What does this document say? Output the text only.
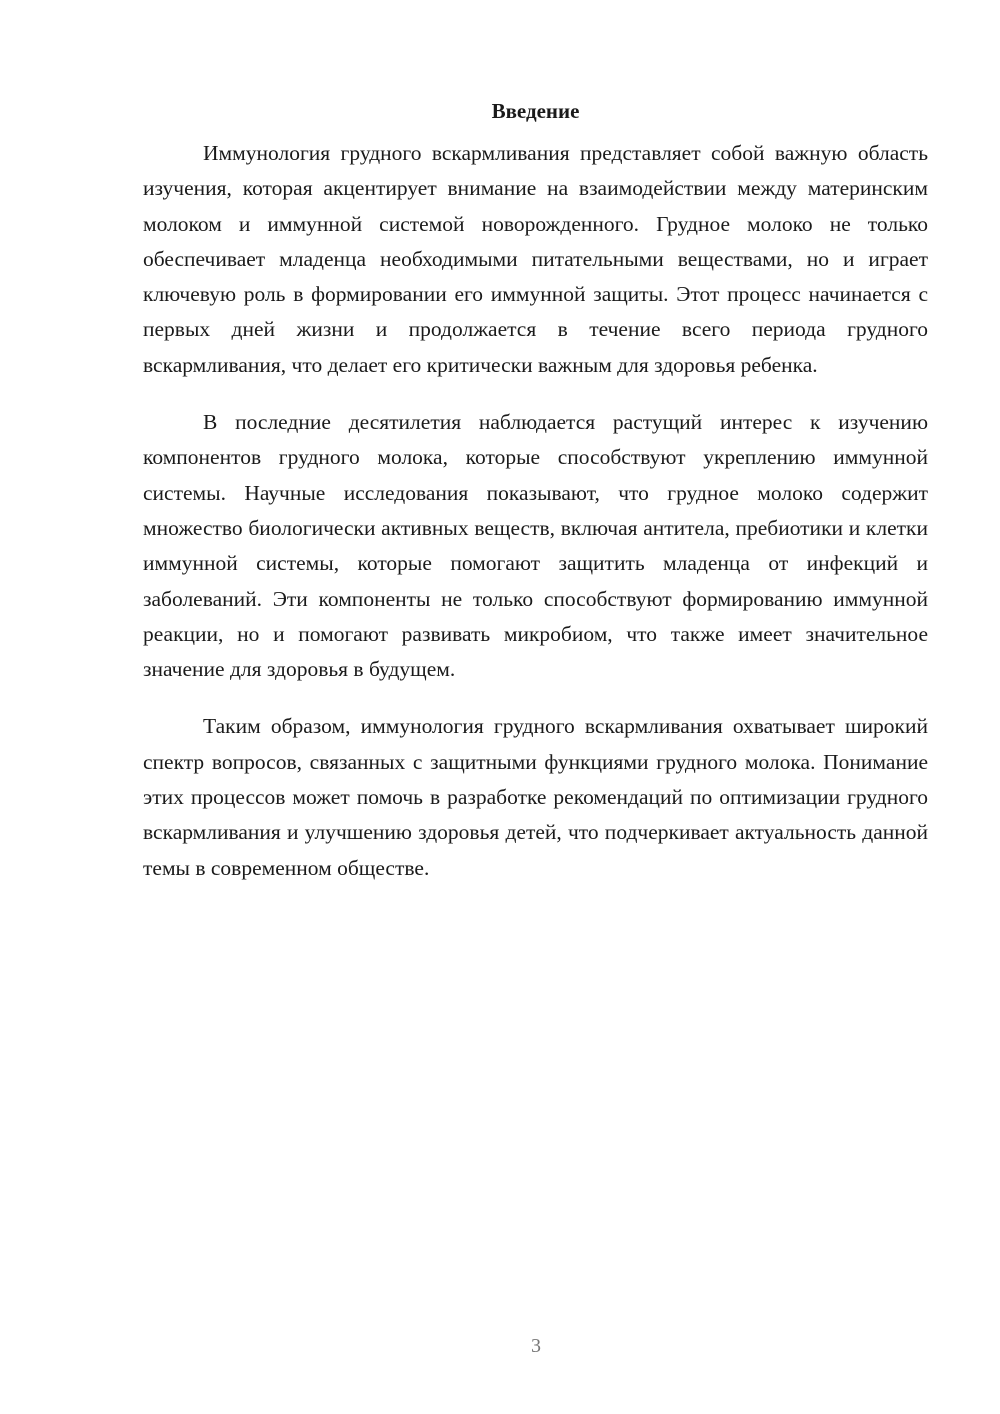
Введение

Иммунология грудного вскармливания представляет собой важную область изучения, которая акцентирует внимание на взаимодействии между материнским молоком и иммунной системой новорожденного. Грудное молоко не только обеспечивает младенца необходимыми питательными веществами, но и играет ключевую роль в формировании его иммунной защиты. Этот процесс начинается с первых дней жизни и продолжается в течение всего периода грудного вскармливания, что делает его критически важным для здоровья ребенка.

В последние десятилетия наблюдается растущий интерес к изучению компонентов грудного молока, которые способствуют укреплению иммунной системы. Научные исследования показывают, что грудное молоко содержит множество биологически активных веществ, включая антитела, пребиотики и клетки иммунной системы, которые помогают защитить младенца от инфекций и заболеваний. Эти компоненты не только способствуют формированию иммунной реакции, но и помогают развивать микробиом, что также имеет значительное значение для здоровья в будущем.

Таким образом, иммунология грудного вскармливания охватывает широкий спектр вопросов, связанных с защитными функциями грудного молока. Понимание этих процессов может помочь в разработке рекомендаций по оптимизации грудного вскармливания и улучшению здоровья детей, что подчеркивает актуальность данной темы в современном обществе.

3
